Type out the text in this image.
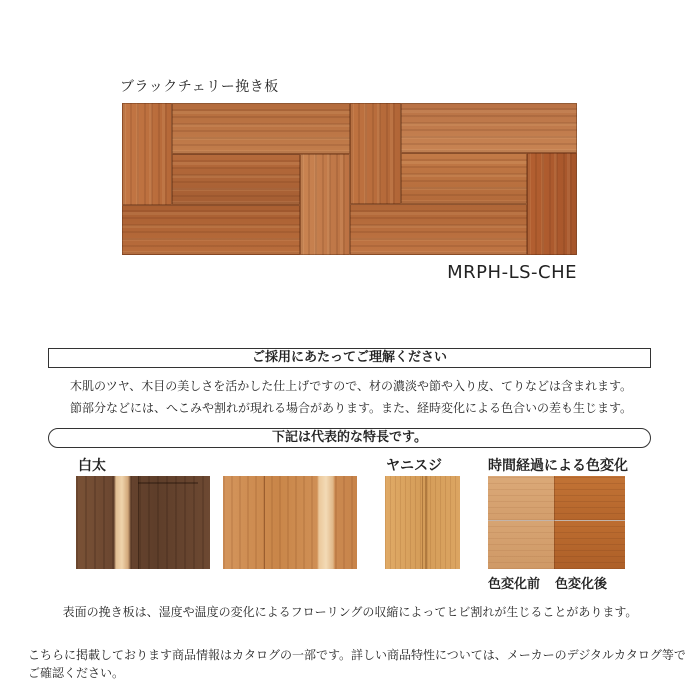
ブラックチェリー挽き板
MRPH-LS-CHE
ご採用にあたってご理解ください
木肌のツヤ、木目の美しさを活かした仕上げですので、材の濃淡や節や入り皮、てりなどは含まれます。
節部分などには、へこみや割れが現れる場合があります。また、経時変化による色合いの差も生じます。
下記は代表的な特長です。
白太	ヤニスジ	時間経過による色変化
色変化前 色変化後
表面の挽き板は、湿度や温度の変化によるフローリングの収縮によってヒビ割れが生じることがあります。
こちらに掲載しております商品情報はカタログの一部です。詳しい商品特性については、メーカーのデジタルカタログ等でご確認ください。
